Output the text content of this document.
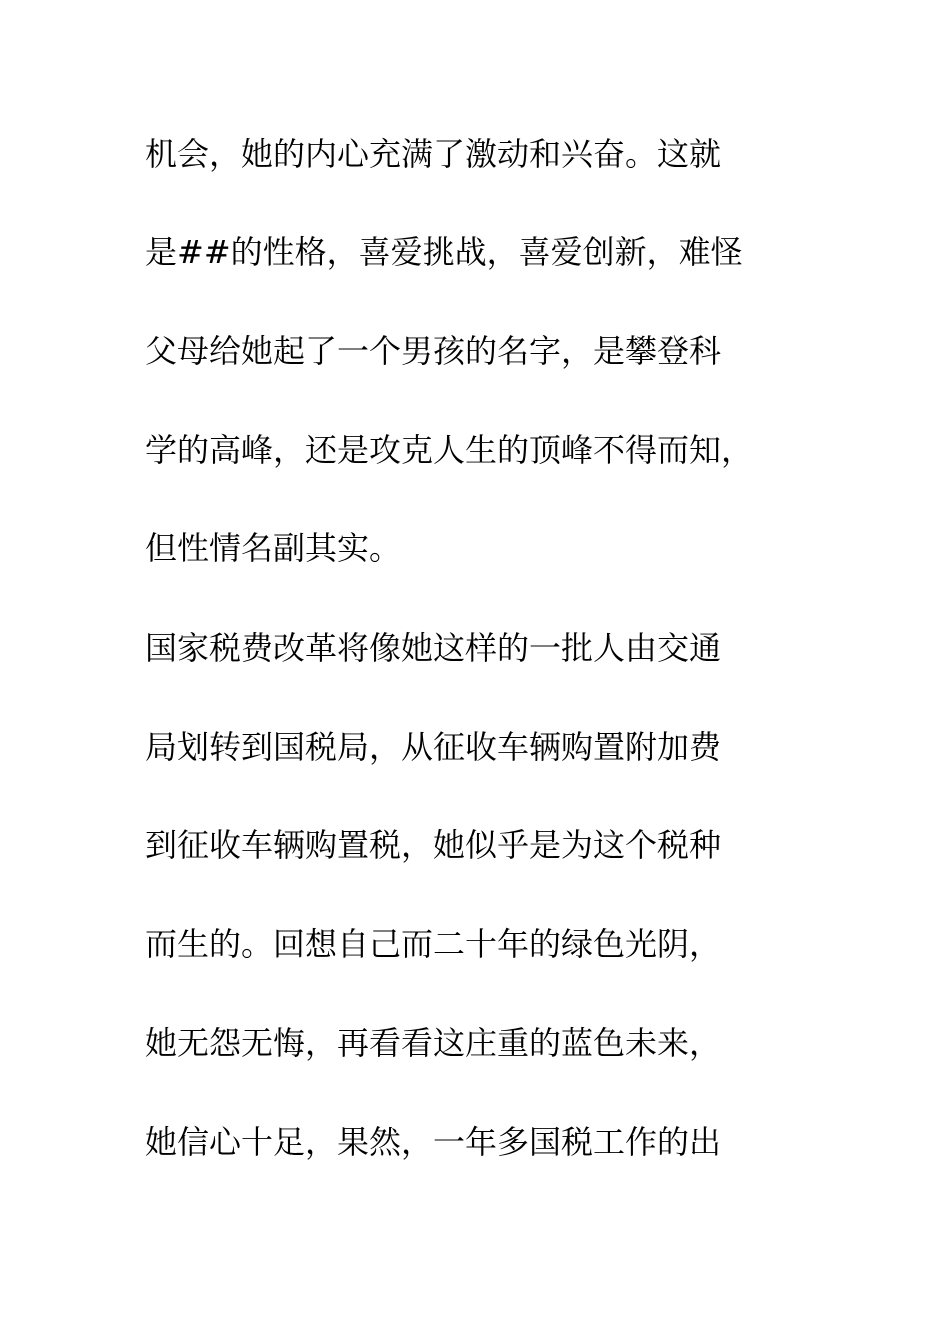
机会，她的内心充满了激动和兴奋。这就

是##的性格，喜爱挑战，喜爱创新，难怪

父母给她起了一个男孩的名字，是攀登科

学的高峰，还是攻克人生的顶峰不得而知，

但性情名副其实。

国家税费改革将像她这样的一批人由交通

局划转到国税局，从征收车辆购置附加费

到征收车辆购置税，她似乎是为这个税种

而生的。回想自己而二十年的绿色光阴，

她无怨无悔，再看看这庄重的蓝色未来，

她信心十足，果然，一年多国税工作的出
